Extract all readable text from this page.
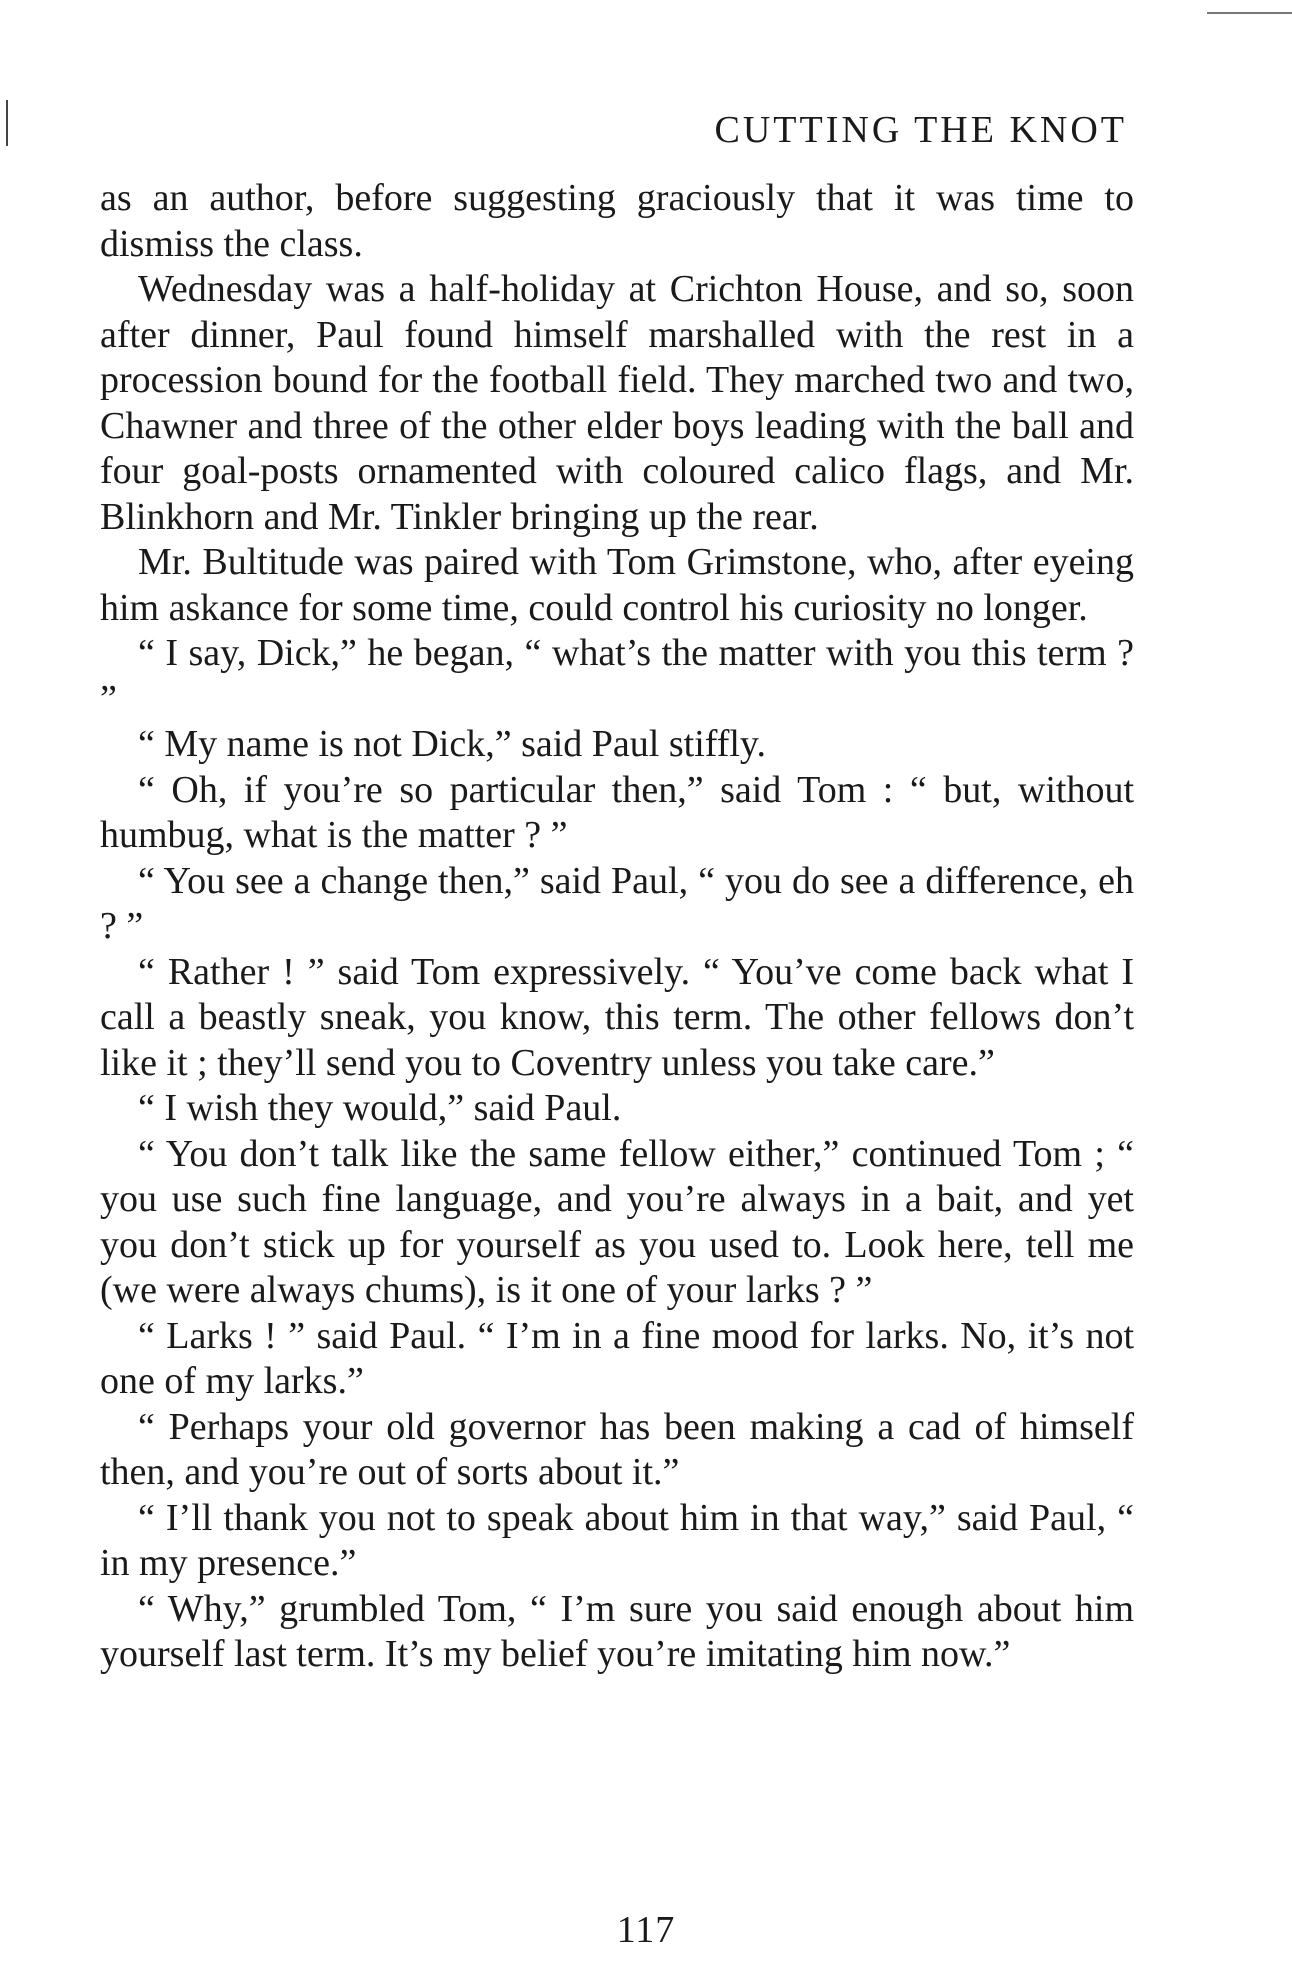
CUTTING THE KNOT

as an author, before suggesting graciously that it was time to dismiss the class.

Wednesday was a half-holiday at Crichton House, and so, soon after dinner, Paul found himself marshalled with the rest in a procession bound for the football field. They marched two and two, Chawner and three of the other elder boys leading with the ball and four goal-posts ornamented with coloured calico flags, and Mr. Blinkhorn and Mr. Tinkler bringing up the rear.

Mr. Bultitude was paired with Tom Grimstone, who, after eyeing him askance for some time, could control his curiosity no longer.

“ I say, Dick,” he began, “ what’s the matter with you this term ? ”

“ My name is not Dick,” said Paul stiffly.

“ Oh, if you’re so particular then,” said Tom : “ but, without humbug, what is the matter ? ”

“ You see a change then,” said Paul, “ you do see a difference, eh ? ”

“ Rather ! ” said Tom expressively. “ You’ve come back what I call a beastly sneak, you know, this term. The other fellows don’t like it ; they’ll send you to Coventry unless you take care.”

“ I wish they would,” said Paul.

“ You don’t talk like the same fellow either,” continued Tom ; “ you use such fine language, and you’re always in a bait, and yet you don’t stick up for yourself as you used to. Look here, tell me (we were always chums), is it one of your larks ? ”

“ Larks ! ” said Paul. “ I’m in a fine mood for larks. No, it’s not one of my larks.”

“ Perhaps your old governor has been making a cad of himself then, and you’re out of sorts about it.”

“ I’ll thank you not to speak about him in that way,” said Paul, “ in my presence.”

“ Why,” grumbled Tom, “ I’m sure you said enough about him yourself last term. It’s my belief you’re imitating him now.”

117
